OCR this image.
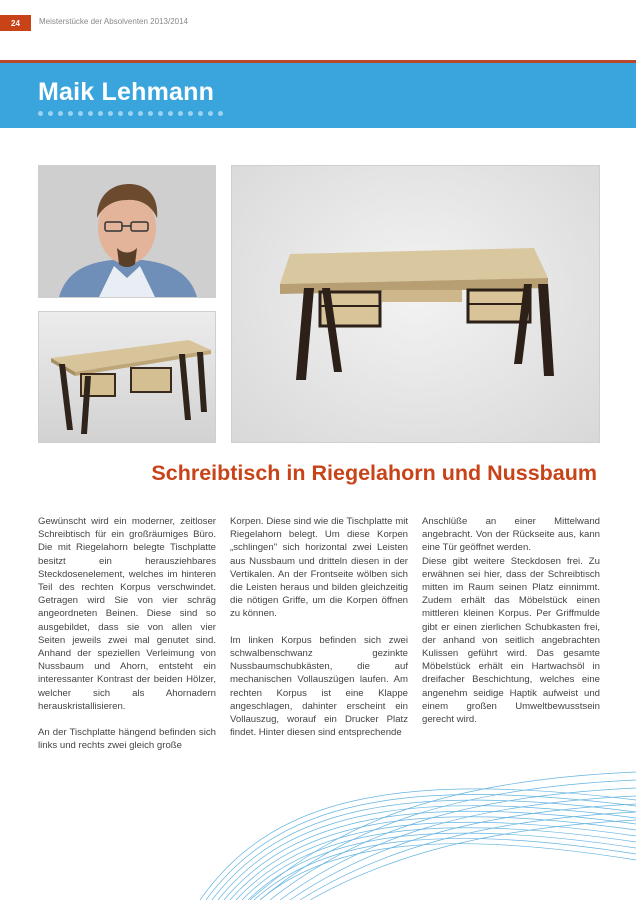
24	Meisterstücke der Absolventen 2013/2014
Maik Lehmann
Schreibtisch in Riegelahorn und Nussbaum

Gewünscht wird ein moderner, zeitloser Schreibtisch für ein großräumiges Büro. Die mit Riegelahorn belegte Tischplatte besitzt ein herausziehbares Steckdosenelement, welches im hinteren Teil des rechten Korpus verschwindet. Getragen wird Sie von vier schräg angeordneten Beinen. Diese sind so ausgebildet, dass sie von allen vier Seiten jeweils zwei mal genutet sind. Anhand der speziellen Verleimung von Nussbaum und Ahorn, entsteht ein interessanter Kontrast der beiden Hölzer, welcher sich als Ahornadern herauskristallisieren.

An der Tischplatte hängend befinden sich links und rechts zwei gleich große

Korpen. Diese sind wie die Tischplatte mit Riegelahorn belegt. Um diese Korpen „schlingen" sich horizontal zwei Leisten aus Nussbaum und dritteln diesen in der Vertikalen. An der Frontseite wölben sich die Leisten heraus und bilden gleichzeitig die nötigen Griffe, um die Korpen öffnen zu können.

Im linken Korpus befinden sich zwei schwalbenschwanz gezinkte Nussbaumschubkästen, die auf mechanischen Vollauszügen laufen. Am rechten Korpus ist eine Klappe angeschlagen, dahinter erscheint ein Vollauszug, worauf ein Drucker Platz findet. Hinter diesen sind entsprechende

Anschlüße an einer Mittelwand angebracht. Von der Rückseite aus, kann eine Tür geöffnet werden.

Diese gibt weitere Steckdosen frei. Zu erwähnen sei hier, dass der Schreibtisch mitten im Raum seinen Platz einnimmt. Zudem erhält das Möbelstück einen mittleren kleinen Korpus. Per Griffmulde gibt er einen zierlichen Schubkasten frei, der anhand von seitlich angebrachten Kulissen geführt wird. Das gesamte Möbelstück erhält ein Hartwachsöl in dreifacher Beschichtung, welches eine angenehm seidige Haptik aufweist und einem großen Umweltbewusstsein gerecht wird.
